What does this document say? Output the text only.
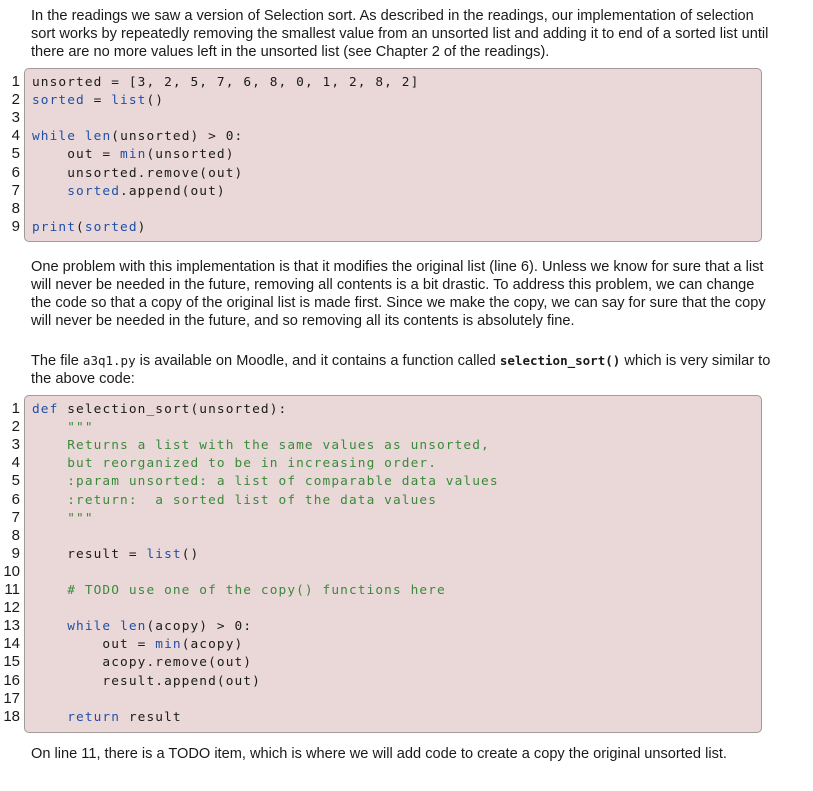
In the readings we saw a version of Selection sort. As described in the readings, our implementation of selection sort works by repeatedly removing the smallest value from an unsorted list and adding it to end of a sorted list until there are no more values left in the unsorted list (see Chapter 2 of the readings).

unsorted = [3, 2, 5, 7, 6, 8, 0, 1, 2, 8, 2]
sorted = list()
while len(unsorted) > 0:
out = min(unsorted)
unsorted.remove(out)
sorted.append(out)
print(sorted)
1
2
3
4
5
6
7
8
9

One problem with this implementation is that it modifies the original list (line 6). Unless we know for sure that a list will never be needed in the future, removing all contents is a bit drastic. To address this problem, we can change the code so that a copy of the original list is made first. Since we make the copy, we can say for sure that the copy will never be needed in the future, and so removing all its contents is absolutely fine.

The file a3q1.py is available on Moodle, and it contains a function called selection_sort() which is very similar to the above code:

def selection_sort(unsorted):
"""
Returns a list with the same values as unsorted,
but reorganized to be in increasing order.
:param unsorted: a list of comparable data values
:return:  a sorted list of the data values
"""
result = list()
# TODO use one of the copy() functions here
while len(acopy) > 0:
out = min(acopy)
acopy.remove(out)
result.append(out)
return result
1
2
3
4
5
6
7
8
9
10
11
12
13
14
15
16
17
18

On line 11, there is a TODO item, which is where we will add code to create a copy the original unsorted list.
